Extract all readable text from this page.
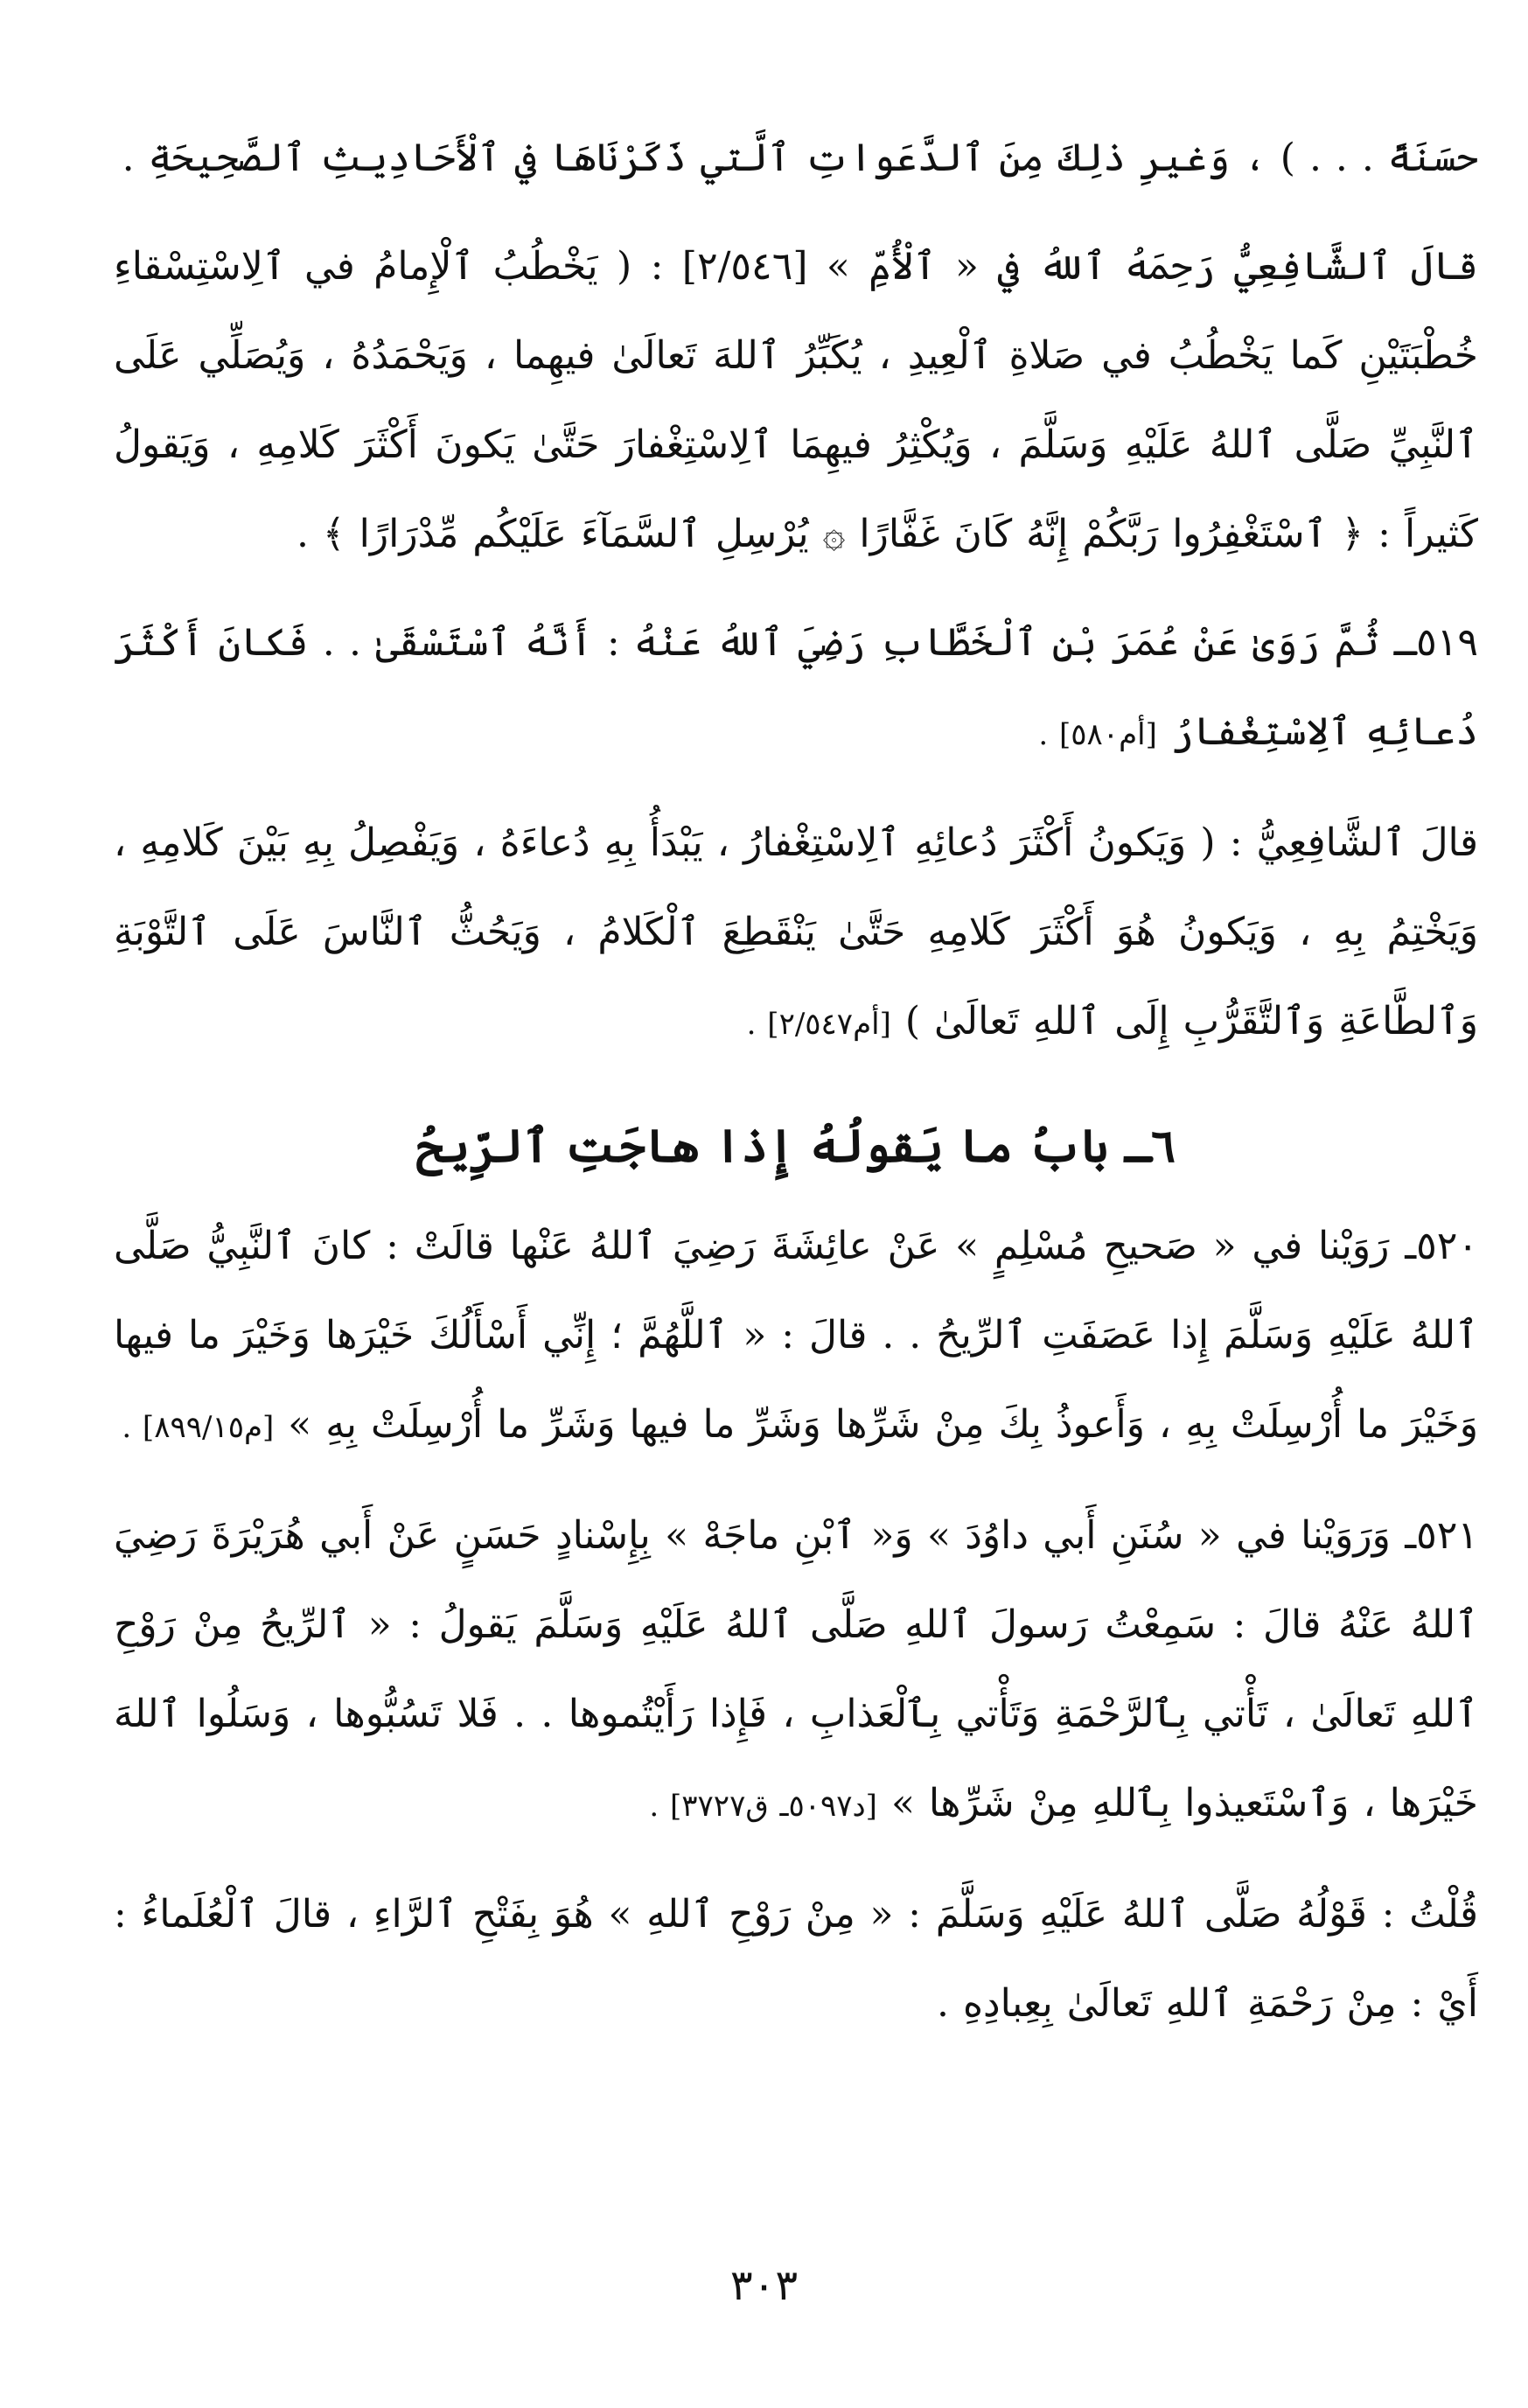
حسَنَةً . . . ) ، وَغيرِ ذلِكَ مِنَ ٱلدَّعَواتِ ٱلَّتي ذَكَرْنَاهَا في ٱلْأَحَادِيثِ ٱلصَّحِيحَةِ .

قالَ ٱلشَّافِعِيُّ رَحِمَهُ ٱللهُ في « ٱلْأُمِّ » [٢/٥٤٦] : ( يَخْطُبُ ٱلْإِمامُ في ٱلِاسْتِسْقاءِ خُطْبَتَيْنِ كَما يَخْطُبُ في صَلاةِ ٱلْعِيدِ ، يُكَبِّرُ ٱللهَ تَعالَىٰ فيهِما ، وَيَحْمَدُهُ ، وَيُصَلِّي عَلَى ٱلنَّبِيِّ صَلَّى ٱللهُ عَلَيْهِ وَسَلَّمَ ، وَيُكْثِرُ فيهِمَا ٱلِاسْتِغْفارَ حَتَّىٰ يَكونَ أَكْثَرَ كَلامِهِ ، وَيَقولُ كَثيراً : ﴿ ٱسْتَغْفِرُوا رَبَّكُمْ إِنَّهُ كَانَ غَفَّارًا ۞ يُرْسِلِ ٱلسَّمَآءَ عَلَيْكُم مِّدْرَارًا ﴾ .

٥١٩ـ ثُمَّ رَوَىٰ عَنْ عُمَرَ بْنِ ٱلْخَطَّابِ رَضِيَ ٱللهُ عَنْهُ : أَنَّهُ ٱسْتَسْقَىٰ . . فَكانَ أَكْثَرَ دُعائِهِ ٱلِاسْتِغْفارُ [أم٥٨٠] .

قالَ ٱلشَّافِعِيُّ : ( وَيَكونُ أَكْثَرَ دُعائِهِ ٱلِاسْتِغْفارُ ، يَبْدَأُ بِهِ دُعاءَهُ ، وَيَفْصِلُ بِهِ بَيْنَ كَلامِهِ ، وَيَخْتِمُ بِهِ ، وَيَكونُ هُوَ أَكْثَرَ كَلامِهِ حَتَّىٰ يَنْقَطِعَ ٱلْكَلامُ ، وَيَحُثُّ ٱلنَّاسَ عَلَى ٱلتَّوْبَةِ وَٱلطَّاعَةِ وَٱلتَّقَرُّبِ إِلَى ٱللهِ تَعالَىٰ ) [أم٢/٥٤٧] .

٦ـ بابُ ما يَقولُهُ إِذا هاجَتِ ٱلرِّيحُ

٥٢٠ـ رَوَيْنا في « صَحيحِ مُسْلِمٍ » عَنْ عائِشَةَ رَضِيَ ٱللهُ عَنْها قالَتْ : كانَ ٱلنَّبِيُّ صَلَّى ٱللهُ عَلَيْهِ وَسَلَّمَ إِذا عَصَفَتِ ٱلرِّيحُ . . قالَ : « ٱللَّهُمَّ ؛ إِنِّي أَسْأَلُكَ خَيْرَها وَخَيْرَ ما فيها وَخَيْرَ ما أُرْسِلَتْ بِهِ ، وَأَعوذُ بِكَ مِنْ شَرِّها وَشَرِّ ما فيها وَشَرِّ ما أُرْسِلَتْ بِهِ » [م٨٩٩/١٥] .

٥٢١ـ وَرَوَيْنا في « سُنَنِ أَبي داوُدَ » وَ« ٱبْنِ ماجَهْ » بِإِسْنادٍ حَسَنٍ عَنْ أَبي هُرَيْرَةَ رَضِيَ ٱللهُ عَنْهُ قالَ : سَمِعْتُ رَسولَ ٱللهِ صَلَّى ٱللهُ عَلَيْهِ وَسَلَّمَ يَقولُ : « ٱلرِّيحُ مِنْ رَوْحِ ٱللهِ تَعالَىٰ ، تَأْتي بِٱلرَّحْمَةِ وَتَأْتي بِٱلْعَذابِ ، فَإِذا رَأَيْتُموها . . فَلا تَسُبُّوها ، وَسَلُوا ٱللهَ خَيْرَها ، وَٱسْتَعيذوا بِٱللهِ مِنْ شَرِّها » [د٥٠٩٧ـ ق٣٧٢٧] .

قُلْتُ : قَوْلُهُ صَلَّى ٱللهُ عَلَيْهِ وَسَلَّمَ : « مِنْ رَوْحِ ٱللهِ » هُوَ بِفَتْحِ ٱلرَّاءِ ، قالَ ٱلْعُلَماءُ : أَيْ : مِنْ رَحْمَةِ ٱللهِ تَعالَىٰ بِعِبادِهِ .

٣٠٣
